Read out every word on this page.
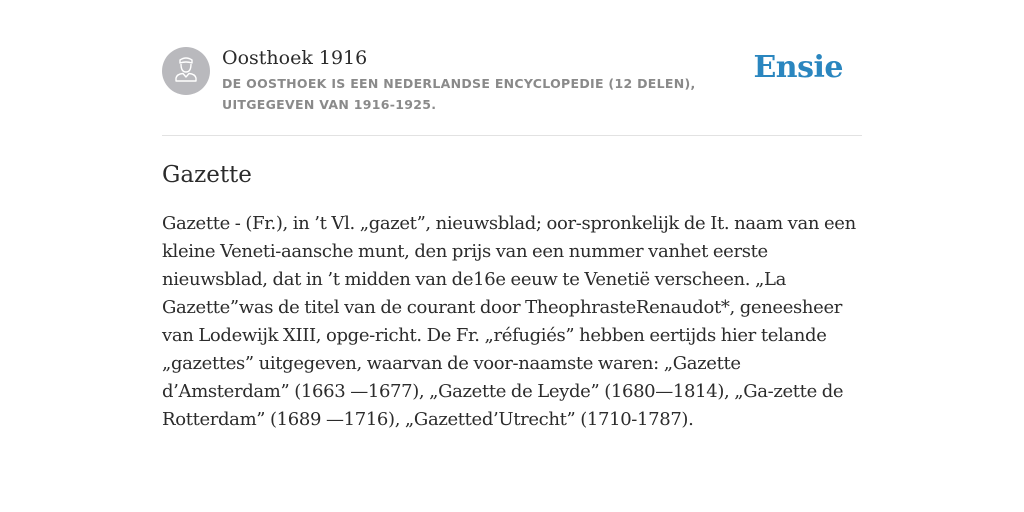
Oosthoek 1916

DE OOSTHOEK IS EEN NEDERLANDSE ENCYCLOPEDIE (12 DELEN), UITGEGEVEN VAN 1916-1925.

Ensie
Gazette

Gazette - (Fr.), in ’t Vl. „gazet”, nieuwsblad; oor-spronkelijk de It. naam van een kleine Veneti-aansche munt, den prijs van een nummer vanhet eerste nieuwsblad, dat in ’t midden van de16e eeuw te Venetië verscheen. „La Gazette”was de titel van de courant door TheophrasteRenaudot*, geneesheer van Lodewijk XIII, opge-richt. De Fr. „réfugiés” hebben eertijds hier telande „gazettes” uitgegeven, waarvan de voor-naamste waren: „Gazette d’Amsterdam” (1663 —1677), „Gazette de Leyde” (1680—1814), „Ga-zette de Rotterdam” (1689 —1716), „Gazetted’Utrecht” (1710-1787).
